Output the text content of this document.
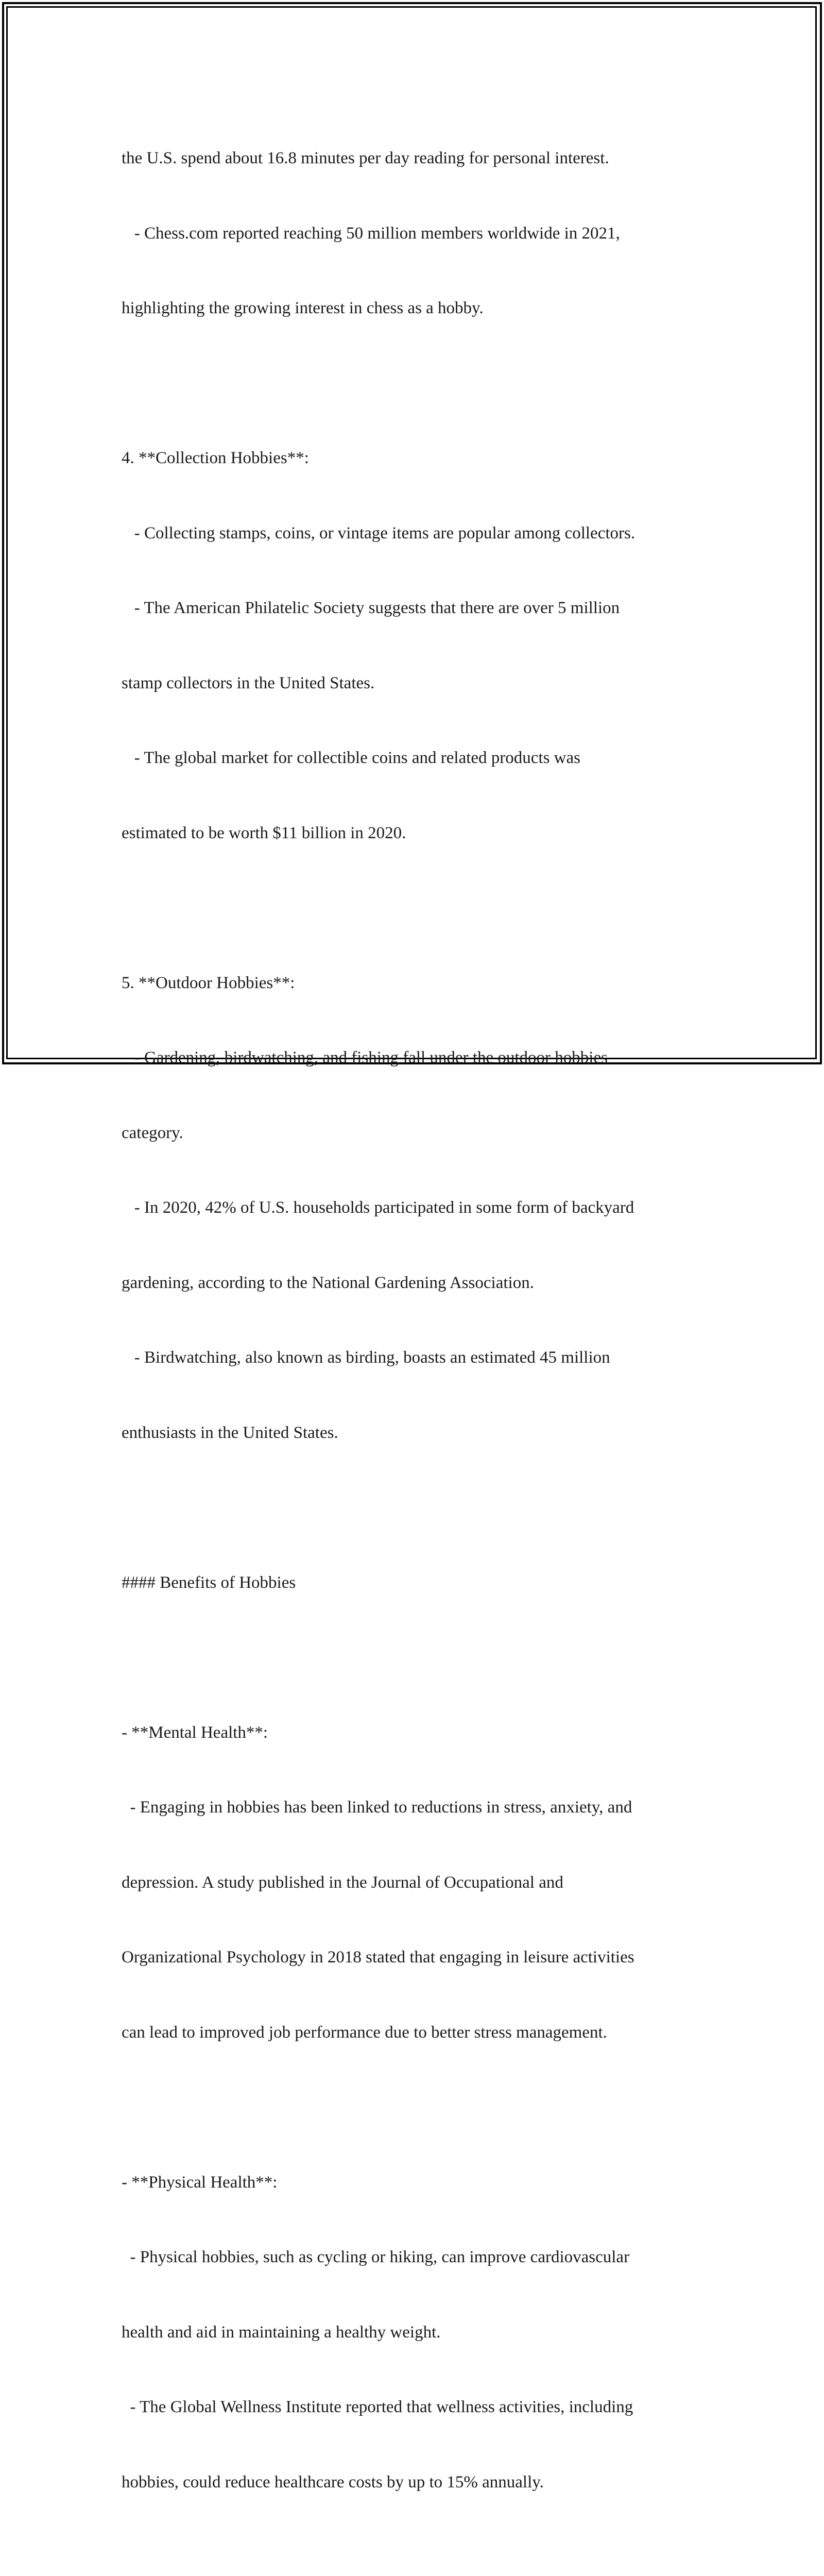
the U.S. spend about 16.8 minutes per day reading for personal interest.

- Chess.com reported reaching 50 million members worldwide in 2021,

highlighting the growing interest in chess as a hobby.

4. **Collection Hobbies**:

- Collecting stamps, coins, or vintage items are popular among collectors.

- The American Philatelic Society suggests that there are over 5 million

stamp collectors in the United States.

- The global market for collectible coins and related products was

estimated to be worth $11 billion in 2020.

5. **Outdoor Hobbies**:

- Gardening, birdwatching, and fishing fall under the outdoor hobbies

category.

- In 2020, 42% of U.S. households participated in some form of backyard

gardening, according to the National Gardening Association.

- Birdwatching, also known as birding, boasts an estimated 45 million

enthusiasts in the United States.

#### Benefits of Hobbies

- **Mental Health**:

- Engaging in hobbies has been linked to reductions in stress, anxiety, and

depression. A study published in the Journal of Occupational and

Organizational Psychology in 2018 stated that engaging in leisure activities

can lead to improved job performance due to better stress management.

- **Physical Health**:

- Physical hobbies, such as cycling or hiking, can improve cardiovascular

health and aid in maintaining a healthy weight.

- The Global Wellness Institute reported that wellness activities, including

hobbies, could reduce healthcare costs by up to 15% annually.
